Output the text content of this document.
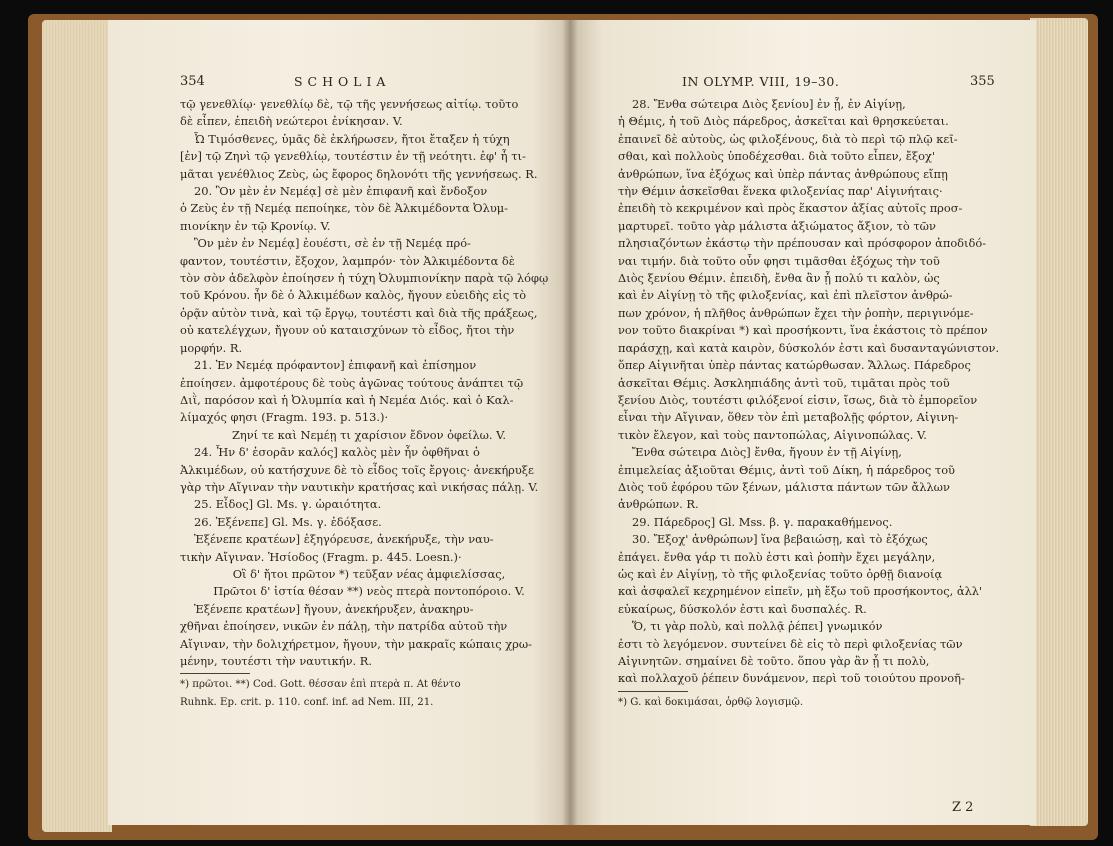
354	S C H O L I A
τῷ γενεθλίῳ· γενεθλίῳ δὲ, τῷ τῆς γεννήσεως αἰτίῳ. τοῦτο
δὲ εἶπεν, ἐπειδὴ νεώτεροι ἐνίκησαν. V.
Ὦ Τιμόσθενες, ὑμᾶς δὲ ἐκλήρωσεν, ἤτοι ἔταξεν ἡ τύχη
[ἐν] τῷ Ζηνὶ τῷ γενεθλίῳ, τουτέστιν ἐν τῇ νεότητι. ἐφ' ἧ τι-
μᾶται γενέθλιος Ζεὺς, ὡς ἔφορος δηλονότι τῆς γεννήσεως. R.
20. Ὃν μὲν ἐν Νεμέᾳ] σὲ μὲν ἐπιφανῆ καὶ ἔνδοξον
ὁ Ζεὺς ἐν τῇ Νεμέᾳ πεποίηκε, τὸν δὲ Ἀλκιμέδοντα Ὀλυμ-
πιονίκην ἐν τῷ Κρονίῳ. V.
Ὃν μὲν ἐν Νεμέᾳ] ἐουέστι, σὲ ἐν τῇ Νεμέᾳ πρό-
φαντον, τουτέστιν, ἔξοχον, λαμπρόν· τὸν Ἀλκιμέδοντα δὲ
τὸν σὸν ἀδελφὸν ἐποίησεν ἡ τύχη Ὀλυμπιονίκην παρὰ τῷ λόφῳ
τοῦ Κρόνου. ἦν δὲ ὁ Ἀλκιμέδων καλὸς, ἤγουν εὐειδὴς εἰς τὸ
ὁρᾷν αὐτὸν τινὰ, καὶ τῷ ἔργῳ, τουτέστι καὶ διὰ τῆς πράξεως,
οὐ κατελέγχων, ἤγουν οὐ καταισχύνων τὸ εἶδος, ἤτοι τὴν
μορφήν. R.
21. Ἐν Νεμέᾳ πρόφαντον] ἐπιφανῆ καὶ ἐπίσημον
ἐποίησεν. ἀμφοτέρους δὲ τοὺς ἀγῶνας τούτους ἀνάπτει τῷ
Διῒ, παρόσον καὶ ἡ Ὀλυμπία καὶ ἡ Νεμέα Διός. καὶ ὁ Καλ-
λίμαχός φησι (Fragm. 193. p. 513.)·
Ζηνί τε καὶ Νεμέῃ τι χαρίσιον ἔδνον ὀφείλω. V.
24. Ἦν δ' ἐσορᾶν καλός] καλὸς μὲν ἦν ὀφθῆναι ὁ
Ἀλκιμέδων, οὐ κατήσχυνε δὲ τὸ εἶδος τοῖς ἔργοις· ἀνεκήρυξε
γὰρ τὴν Αἴγιναν τὴν ναυτικὴν κρατήσας καὶ νικήσας πάλῃ. V.
25. Εἶδος] Gl. Ms. γ. ὡραιότητα.
26. Ἐξένεπε] Gl. Ms. γ. ἐδόξασε.
Ἐξένεπε κρατέων] ἐξηγόρευσε, ἀνεκήρυξε, τὴν ναυ-
τικὴν Αἴγιναν. Ἡσίοδος (Fragm. p. 445. Loesn.)·
Οἳ δ' ἤτοι πρῶτον *) τεῦξαν νέας ἀμφιελίσσας,
Πρῶτοι δ' ἱστία θέσαν **) νεὸς πτερὰ ποντοπόροιο. V.
Ἐξένεπε κρατέων] ἤγουν, ἀνεκήρυξεν, ἀνακηρυ-
χθῆναι ἐποίησεν, νικῶν ἐν πάλῃ, τὴν πατρίδα αὐτοῦ τὴν
Αἴγιναν, τὴν δολιχήρετμον, ἤγουν, τὴν μακραῖς κώπαις χρω-
μένην, τουτέστι τὴν ναυτικήν. R.
*) πρῶτοι. **) Cod. Gott. θέσσαν ἐπὶ πτερὰ π. At θέντο
Ruhnk. Ep. crit. p. 110. conf. inf. ad Nem. III, 21.
IN OLYMP. VIII, 19–30.	355
28. Ἔνθα σώτειρα Διὸς ξενίου] ἐν ᾗ, ἐν Αἰγίνῃ,
ἡ Θέμις, ἡ τοῦ Διὸς πάρεδρος, ἀσκεῖται καὶ θρησκεύεται.
ἐπαινεῖ δὲ αὐτοὺς, ὡς φιλοξένους, διὰ τὸ περὶ τῷ πλῷ κεῖ-
σθαι, καὶ πολλοὺς ὑποδέχεσθαι. διὰ τοῦτο εἶπεν, ἔξοχ'
ἀνθρώπων, ἵνα ἐξόχως καὶ ὑπὲρ πάντας ἀνθρώπους εἴπῃ
τὴν Θέμιν ἀσκεῖσθαι ἕνεκα φιλοξενίας παρ' Αἰγινήταις·
ἐπειδὴ τὸ κεκριμένον καὶ πρὸς ἕκαστον ἀξίας αὐτοῖς προσ-
μαρτυρεῖ. τοῦτο γὰρ μάλιστα ἀξιώματος ἄξιον, τὸ τῶν
πλησιαζόντων ἑκάστῳ τὴν πρέπουσαν καὶ πρόσφορον ἀποδιδό-
ναι τιμήν. διὰ τοῦτο οὖν φησι τιμᾶσθαι ἐξόχως τὴν τοῦ
Διὸς ξενίου Θέμιν. ἐπειδὴ, ἔνθα ἂν ᾖ πολύ τι καλὸν, ὡς
καὶ ἐν Αἰγίνῃ τὸ τῆς φιλοξενίας, καὶ ἐπὶ πλεῖστον ἀνθρώ-
πων χρόνον, ἡ πλῆθος ἀνθρώπων ἔχει τὴν ῥοπὴν, περιγινόμε-
νον τοῦτο διακρίναι *) καὶ προσήκοντι, ἵνα ἑκάστοις τὸ πρέπον
παράσχῃ, καὶ κατὰ καιρὸν, δύσκολόν ἐστι καὶ δυσανταγώνιστον.
ὅπερ Αἰγινῆται ὑπὲρ πάντας κατώρθωσαν. Ἄλλως. Πάρεδρος
ἀσκεῖται Θέμις. Ἀσκληπιάδης ἀντὶ τοῦ, τιμᾶται πρὸς τοῦ
ξενίου Διὸς, τουτέστι φιλόξενοί εἰσιν, ἴσως, διὰ τὸ ἐμπορεῖον
εἶναι τὴν Αἴγιναν, ὅθεν τὸν ἐπὶ μεταβολῇς φόρτον, Αἰγινη-
τικὸν ἔλεγον, καὶ τοὺς παντοπώλας, Αἰγινοπώλας. V.
Ἔνθα σώτειρα Διὸς] ἔνθα, ἤγουν ἐν τῇ Αἰγίνῃ,
ἐπιμελείας ἀξιοῦται Θέμις, ἀντὶ τοῦ Δίκη, ἡ πάρεδρος τοῦ
Διὸς τοῦ ἐφόρου τῶν ξένων, μάλιστα πάντων τῶν ἄλλων
ἀνθρώπων. R.
29. Πάρεδρος] Gl. Mss. β. γ. παρακαθήμενος.
30. Ἔξοχ' ἀνθρώπων] ἵνα βεβαιώσῃ, καὶ τὸ ἐξόχως
ἐπάγει. ἔνθα γάρ τι πολὺ ἐστι καὶ ῥοπὴν ἔχει μεγάλην,
ὡς καὶ ἐν Αἰγίνῃ, τὸ τῆς φιλοξενίας τοῦτο ὀρθῇ διανοίᾳ
καὶ ἀσφαλεῖ κεχρημένον εἰπεῖν, μὴ ἔξω τοῦ προσήκοντος, ἀλλ'
εὐκαίρως, δύσκολόν ἐστι καὶ δυσπαλές. R.
Ὅ, τι γὰρ πολὺ, καὶ πολλᾷ ῥέπει] γνωμικόν
ἐστι τὸ λεγόμενον. συντείνει δὲ εἰς τὸ περὶ φιλοξενίας τῶν
Αἰγινητῶν. σημαίνει δὲ τοῦτο. ὅπου γὰρ ἂν ᾖ τι πολὺ,
καὶ πολλαχοῦ ῥέπειν δυνάμενον, περὶ τοῦ τοιούτου προνοῆ-
*) G. καὶ δοκιμάσαι, ὀρθῷ λογισμῷ.
Z 2
